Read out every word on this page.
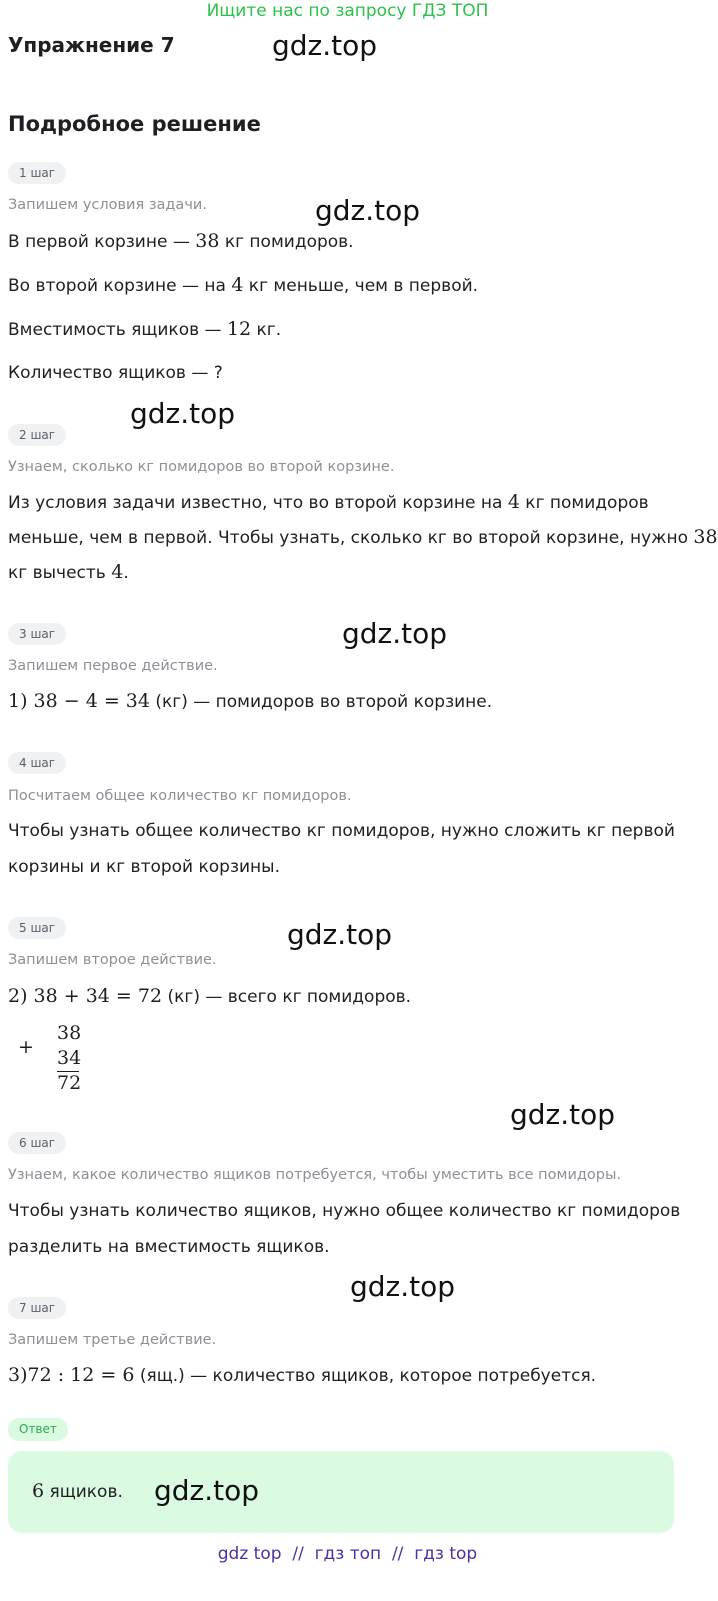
Ищите нас по запросу ГДЗ ТОП
Упражнение 7	gdz.top
Подробное решение
1 шаг
Запишем условия задачи.	gdz.top
В первой корзине — 38 кг помидоров.
Во второй корзине — на 4 кг меньше, чем в первой.
Вместимость ящиков — 12 кг.
Количество ящиков — ?
gdz.top
2 шаг
Узнаем, сколько кг помидоров во второй корзине.
Из условия задачи известно, что во второй корзине на 4 кг помидоров
меньше, чем в первой. Чтобы узнать, сколько кг во второй корзине, нужно 38
кг вычесть 4.
3 шаг	gdz.top
Запишем первое действие.
1) 38 − 4 = 34 (кг) — помидоров во второй корзине.
4 шаг
Посчитаем общее количество кг помидоров.
Чтобы узнать общее количество кг помидоров, нужно сложить кг первой
корзины и кг второй корзины.
5 шаг	gdz.top
Запишем второе действие.
2) 38 + 34 = 72 (кг) — всего кг помидоров.
+
38
34
72
gdz.top
6 шаг
Узнаем, какое количество ящиков потребуется, чтобы уместить все помидоры.
Чтобы узнать количество ящиков, нужно общее количество кг помидоров
разделить на вместимость ящиков.
gdz.top
7 шаг
Запишем третье действие.
3)72 : 12 = 6 (ящ.) — количество ящиков, которое потребуется.
Ответ
6 ящиков. gdz.top
gdz top  //  гдз топ  //  гдз top
